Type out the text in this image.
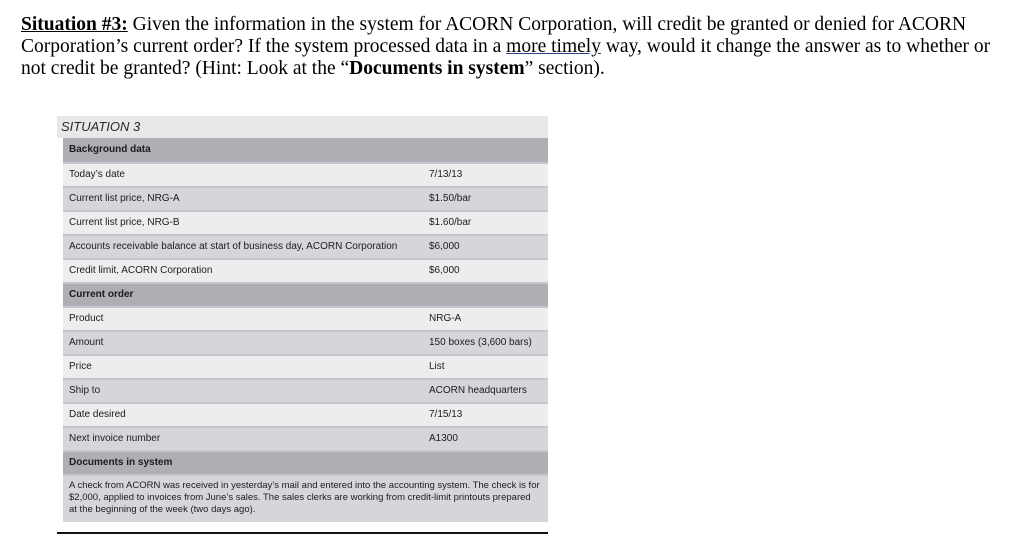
Situation #3: Given the information in the system for ACORN Corporation, will credit be granted or denied for ACORN Corporation’s current order? If the system processed data in a more timely way, would it change the answer as to whether or not credit be granted? (Hint: Look at the “Documents in system” section).

SITUATION 3
Background data
Today’s date	7/13/13
Current list price, NRG-A	$1.50/bar
Current list price, NRG-B	$1.60/bar
Accounts receivable balance at start of business day, ACORN Corporation	$6,000
Credit limit, ACORN Corporation	$6,000
Current order
Product	NRG-A
Amount	150 boxes (3,600 bars)
Price	List
Ship to	ACORN headquarters
Date desired	7/15/13
Next invoice number	A1300
Documents in system
A check from ACORN was received in yesterday’s mail and entered into the accounting system. The check is for $2,000, applied to invoices from June’s sales. The sales clerks are working from credit-limit printouts prepared at the beginning of the week (two days ago).
